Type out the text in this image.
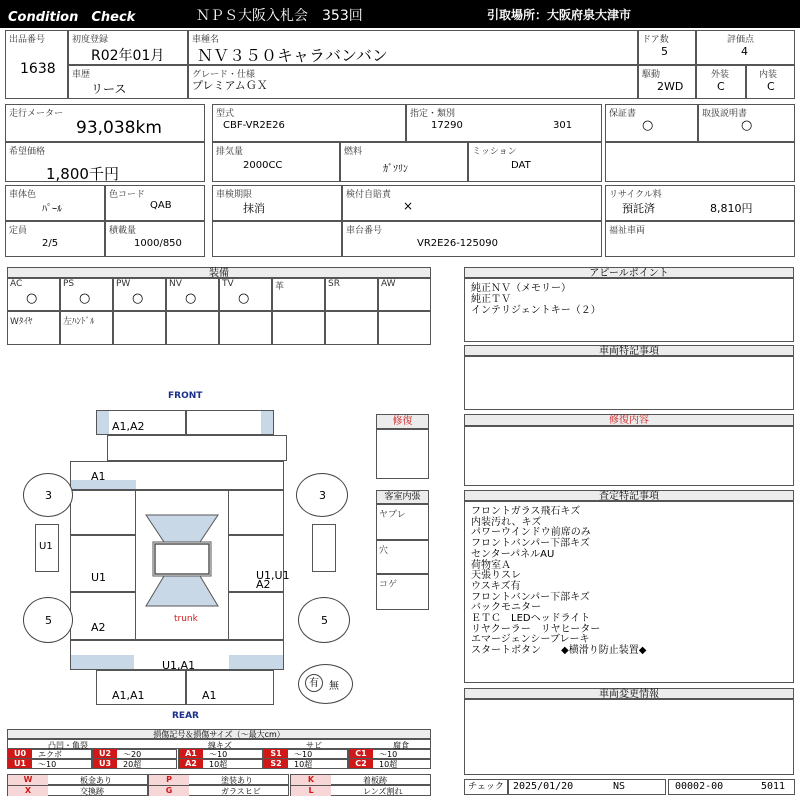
Condition　Check	ＮＰＳ大阪入札会　353回	引取場所：大阪府泉大津市
出品番号
1638
初度登録
R02年01月
車種名
ＮＶ３５０キャラバンバン
ドア数
5
評価点
4
車歴
リース
グレード・仕様
プレミアムＧＸ
駆動
2WD
外装
C
内装
C
走行メーター
93,038km
型式
CBF-VR2E26
指定・類別
17290	301
保証書
○
取扱説明書
○
希望価格
1,800千円
排気量
2000CC
燃料
ｶﾞｿﾘﾝ
ミッション
DAT
車体色
ﾊﾟｰﾙ
色コード
QAB
車検期限
抹消
検付自賠責
×
リサイクル料
預託済	8,810円
定員
2/5
積載量
1000/850
車台番号
VR2E26-125090
福祉車両
装備
AC
○
PS
○
PW
○
NV
○
TV
○
革	SR	AW
Wﾀｲﾔ	左ﾊﾝﾄﾞﾙ
アピールポイント
純正ＮＶ（メモリー）
純正ＴＶ
インテリジェントキー（２）
車両特記事項
修復内容
査定特記事項
フロントガラス飛石キズ
内装汚れ、キズ
パワーウインドウ前席のみ
フロントバンパー下部キズ
センターパネルAU
荷物室Ａ
天張りスレ
ウスキズ有
フロントバンパー下部キズ
バックモニター
ＥＴＣ　LEDヘッドライト
リヤクーラー　リヤヒーター
エマージェンシーブレーキ
スタートボタン　　◆横滑り防止装置◆
車両変更情報
FRONT
REAR
A1,A2
A1
U1	U1,U1
A2
A2
trunk
U1,A1
A1,A1	A1
3	3
5	5
U1
有	無
修復
客室内張
ヤブレ
穴
コゲ
損傷記号＆損傷サイズ（～最大cm）
凸凹・亀裂	線キズ	サビ	腐食
U0	エクボ	U2	～20	A1	～10	S1	～10	C1	～10
U1	～10	U3	20超	A2	10超	S2	10超	C2	10超
W	板金あり	P	塗装あり	K	着板跡
X	交換跡	G	ガラスヒビ	L	レンズ割れ	チェック 2025/01/20	NS	00002-00	5011
